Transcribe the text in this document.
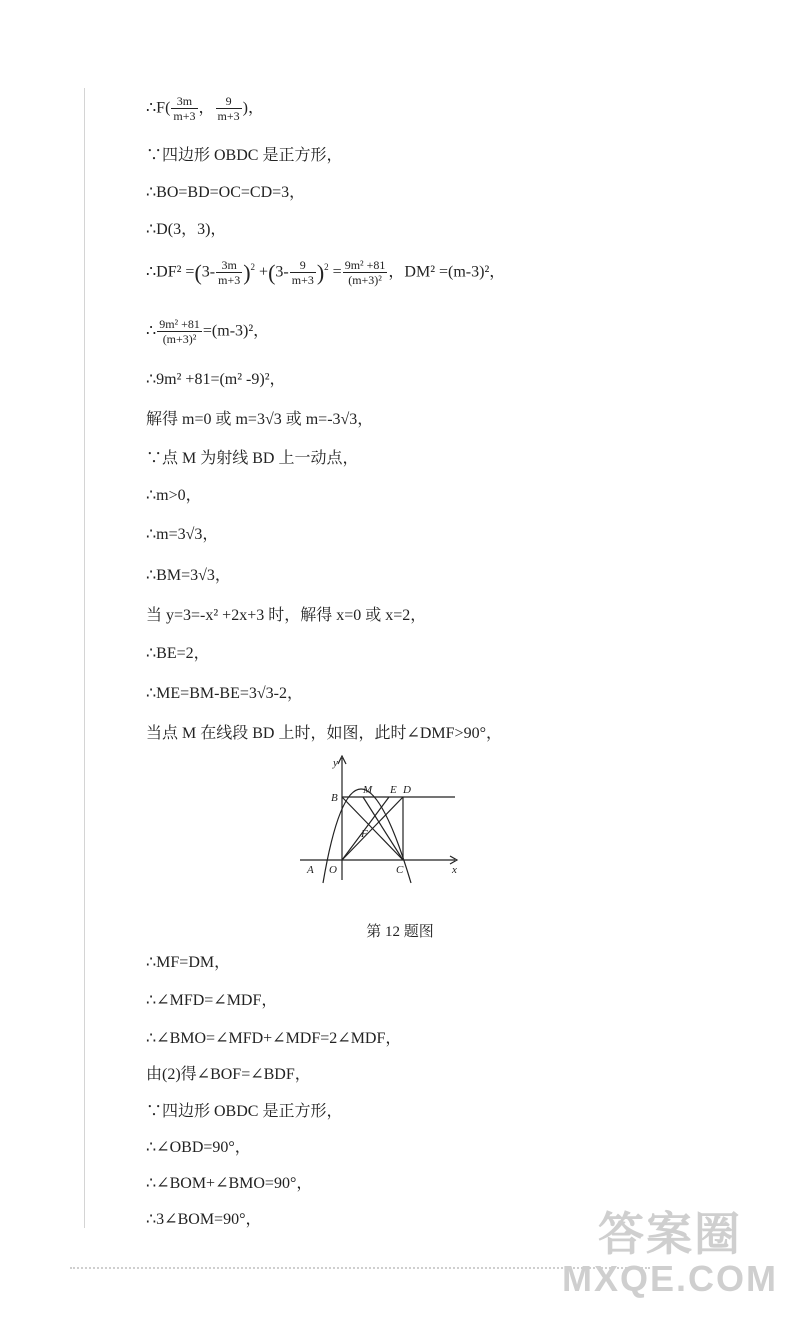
∴F( $\frac{3m}{m+3}$ ， $\frac{9}{m+3}$ )，
∵四边形 OBDC 是正方形，
∴BO=BD=OC=CD=3，
∴D(3，3)，
∴DF² $=(3- \frac{3m}{m+3} )^2 +(3- \frac{9}{m+3} )^2 = \frac{\text{9m² +81}}{\text{(m+3)²}}$ ，DM² =(m-3)²，
∴ $\frac{\text{9m² +81}}{\text{(m+3)²}} =(m-3)^2$，
∴9m² +81=(m² -9)²，
解得 m=0 或 m=3√3 或 m=-3√3，
∵点 M 为射线 BD 上一动点，
∴m>0，
∴m=3√3，
∴BM=3√3，
当 y=3=-x² +2x+3 时，解得 x=0 或 x=2，
∴BE=2，
∴ME=BM-BE=3√3-2，
当点 M 在线段 BD 上时，如图，此时∠DMF>90°，
y
x
B
M E D
F
A O	C
第 12 题图
∴MF=DM，
∴∠MFD=∠MDF，
∴∠BMO=∠MFD+∠MDF=2∠MDF，
由(2)得∠BOF=∠BDF，
∵四边形 OBDC 是正方形，
∴∠OBD=90°，
∴∠BOM+∠BMO=90°，
∴3∠BOM=90°，	答案圈
MXQE.COM
